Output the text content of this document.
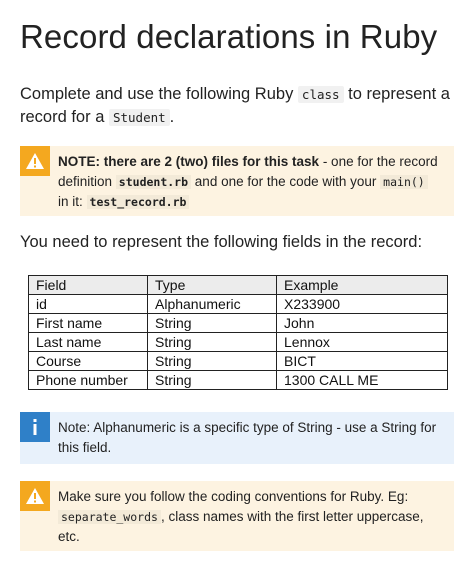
Record declarations in Ruby
Complete and use the following Ruby class to represent a record for a Student .
NOTE: there are 2 (two) files for this task - one for the record definition student.rb and one for the code with your main()
in it: test_record.rb
You need to represent the following fields in the record:
Field	Type	Example
id	Alphanumeric	X233900
First name	String	John
Last name	String	Lennox
Course	String	BICT
Phone number	String	1300 CALL ME
Note: Alphanumeric is a specific type of String - use a String for this field.
Make sure you follow the coding conventions for Ruby. Eg: separate_words , class names with the first letter uppercase, etc.
